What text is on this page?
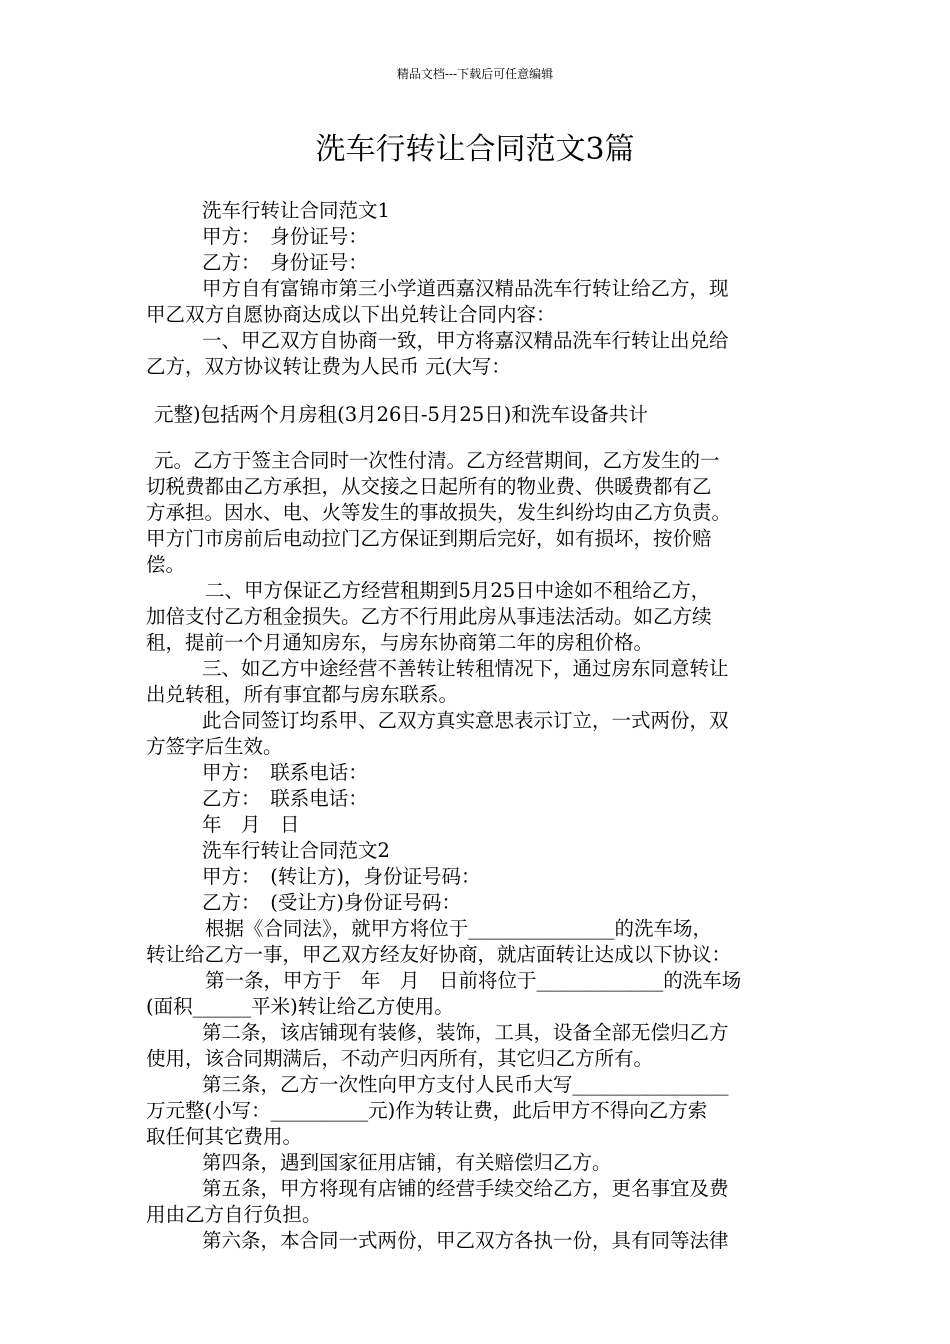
精品文档---下载后可任意编辑
洗车行转让合同范文3篇

洗车行转让合同范文1

甲方：　身份证号：

乙方：　身份证号：

甲方自有富锦市第三小学道西嘉汉精品洗车行转让给乙方，现

甲乙双方自愿协商达成以下出兑转让合同内容：

一、甲乙双方自协商一致，甲方将嘉汉精品洗车行转让出兑给

乙方，双方协议转让费为人民币 元(大写：

元整)包括两个月房租(3月26日-5月25日)和洗车设备共计

元。乙方于签主合同时一次性付清。乙方经营期间，乙方发生的一

切税费都由乙方承担，从交接之日起所有的物业费、供暖费都有乙

方承担。因水、电、火等发生的事故损失，发生纠纷均由乙方负责。

甲方门市房前后电动拉门乙方保证到期后完好，如有损坏，按价赔

偿。

二、甲方保证乙方经营租期到5月25日中途如不租给乙方，

加倍支付乙方租金损失。乙方不行用此房从事违法活动。如乙方续

租，提前一个月通知房东，与房东协商第二年的房租价格。

三、如乙方中途经营不善转让转租情况下，通过房东同意转让

出兑转租，所有事宜都与房东联系。

此合同签订均系甲、乙双方真实意思表示订立，一式两份，双

方签字后生效。

甲方：　联系电话：

乙方：　联系电话：

年　月　日

洗车行转让合同范文2

甲方：　(转让方)，身份证号码：

乙方：　(受让方)身份证号码：

根据《合同法》，就甲方将位于_______________的洗车场，

转让给乙方一事，甲乙双方经友好协商，就店面转让达成以下协议：

第一条，甲方于　年　月　日前将位于_____________的洗车场

(面积______平米)转让给乙方使用。

第二条，该店铺现有装修，装饰，工具，设备全部无偿归乙方

使用，该合同期满后，不动产归丙所有，其它归乙方所有。

第三条，乙方一次性向甲方支付人民币大写________________

万元整(小写：__________元)作为转让费，此后甲方不得向乙方索

取任何其它费用。

第四条，遇到国家征用店铺，有关赔偿归乙方。

第五条，甲方将现有店铺的经营手续交给乙方，更名事宜及费

用由乙方自行负担。

第六条，本合同一式两份，甲乙双方各执一份，具有同等法律
